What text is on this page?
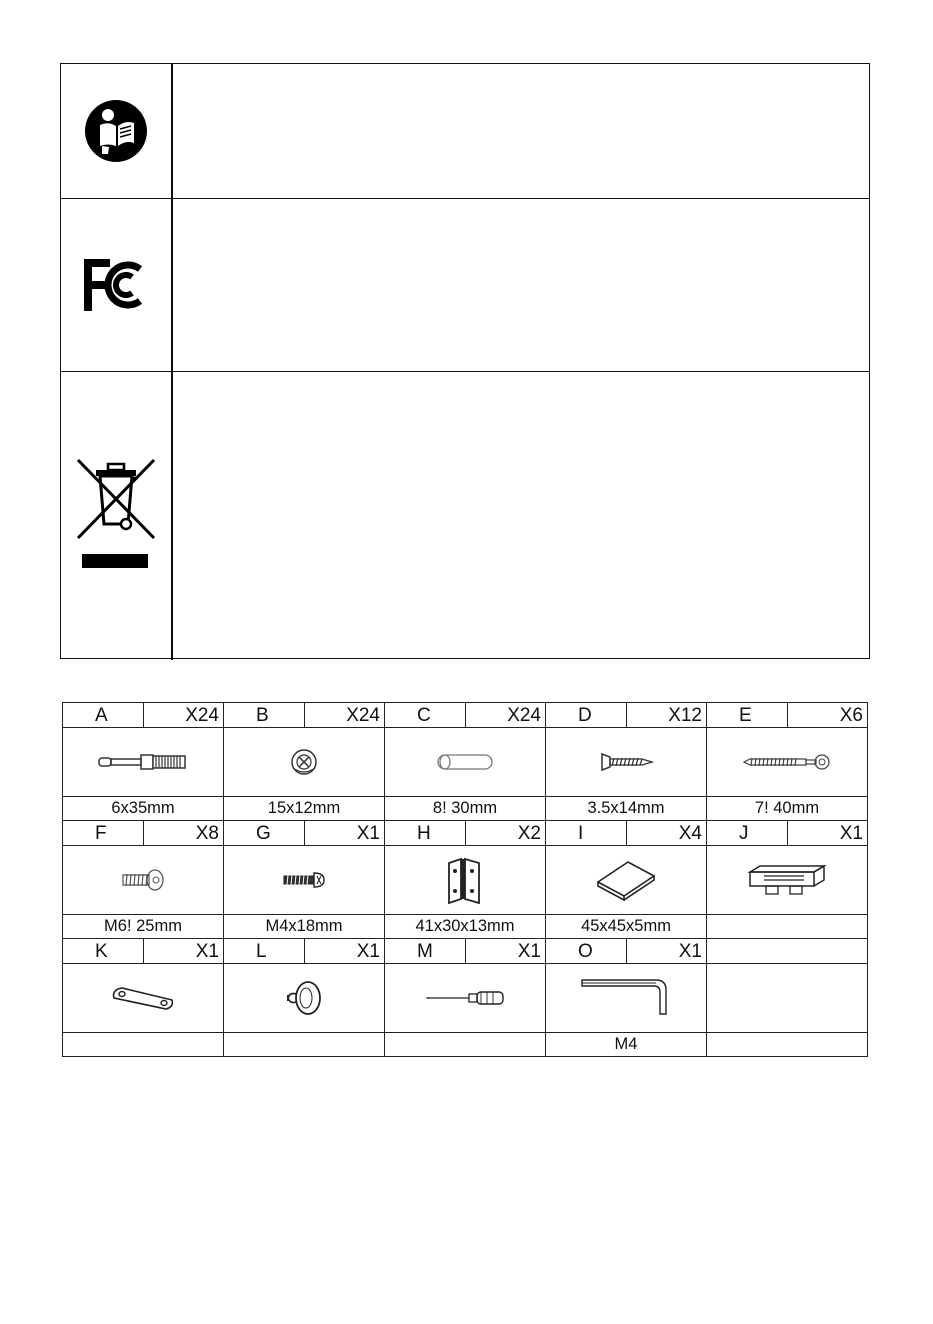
A	X24	B	X24	C	X24	D	X12	E	X6

6x35mm		15x12mm		8! 30mm		3.5x14mm		7! 40mm	
F	X8	G	X1	H	X2	I	X4	J	X1

M6! 25mm		M4x18mm		41x30x13mm		45x45x5mm			
K	X1	L	X1	M	X1	O	X1		

						M4			
